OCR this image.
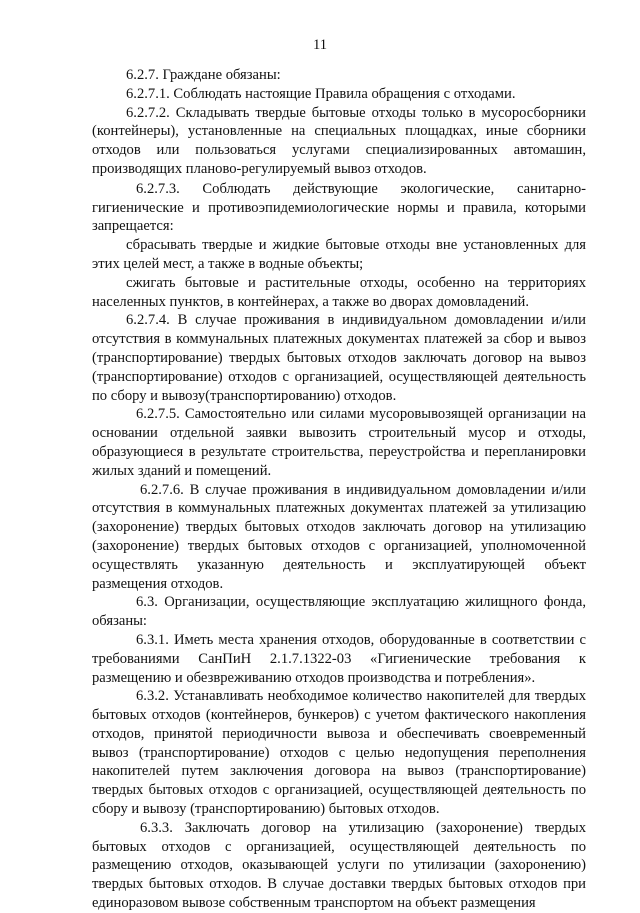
11

6.2.7. Граждане обязаны:

6.2.7.1. Соблюдать настоящие Правила обращения с отходами.

6.2.7.2. Складывать твердые бытовые отходы только в мусоросборники (контейнеры), установленные на специальных площадках, иные сборники отходов или пользоваться услугами специализированных автомашин, производящих планово-регулируемый вывоз отходов.

6.2.7.3. Соблюдать действующие экологические, санитарно-гигиенические и противоэпидемиологические нормы и правила, которыми запрещается:

сбрасывать твердые и жидкие бытовые отходы вне установленных для этих целей мест, а также в водные объекты;

сжигать бытовые и растительные отходы, особенно на территориях населенных пунктов, в контейнерах, а также во дворах домовладений.

6.2.7.4. В случае проживания в индивидуальном домовладении и/или отсутствия в коммунальных платежных документах платежей за сбор и вывоз (транспортирование) твердых бытовых отходов заключать договор на вывоз (транспортирование) отходов с организацией, осуществляющей деятельность по сбору и вывозу(транспортированию) отходов.

6.2.7.5. Самостоятельно или силами мусоровывозящей организации на основании отдельной заявки вывозить строительный мусор и отходы, образующиеся в результате строительства, переустройства и перепланировки жилых зданий и помещений.

6.2.7.6. В случае проживания в индивидуальном домовладении и/или отсутствия в коммунальных платежных документах платежей за утилизацию (захоронение) твердых бытовых отходов заключать договор на утилизацию (захоронение) твердых бытовых отходов с организацией, уполномоченной осуществлять указанную деятельность и эксплуатирующей объект размещения отходов.

6.3. Организации, осуществляющие эксплуатацию жилищного фонда, обязаны:

6.3.1. Иметь места хранения отходов, оборудованные в соответствии с требованиями СанПиН 2.1.7.1322-03 «Гигиенические требования к размещению и обезвреживанию отходов производства и потребления».

6.3.2. Устанавливать необходимое количество накопителей для твердых бытовых отходов (контейнеров, бункеров) с учетом фактического накопления отходов, принятой периодичности вывоза и обеспечивать своевременный вывоз (транспортирование) отходов с целью недопущения переполнения накопителей путем заключения договора на вывоз (транспортирование) твердых бытовых отходов с организацией, осуществляющей деятельность по сбору и вывозу (транспортированию) бытовых отходов.

6.3.3. Заключать договор на утилизацию (захоронение) твердых бытовых отходов с организацией, осуществляющей деятельность по размещению отходов, оказывающей услуги по утилизации (захоронению) твердых бытовых отходов. В случае доставки твердых бытовых отходов при единоразовом вывозе собственным транспортом на объект размещения
